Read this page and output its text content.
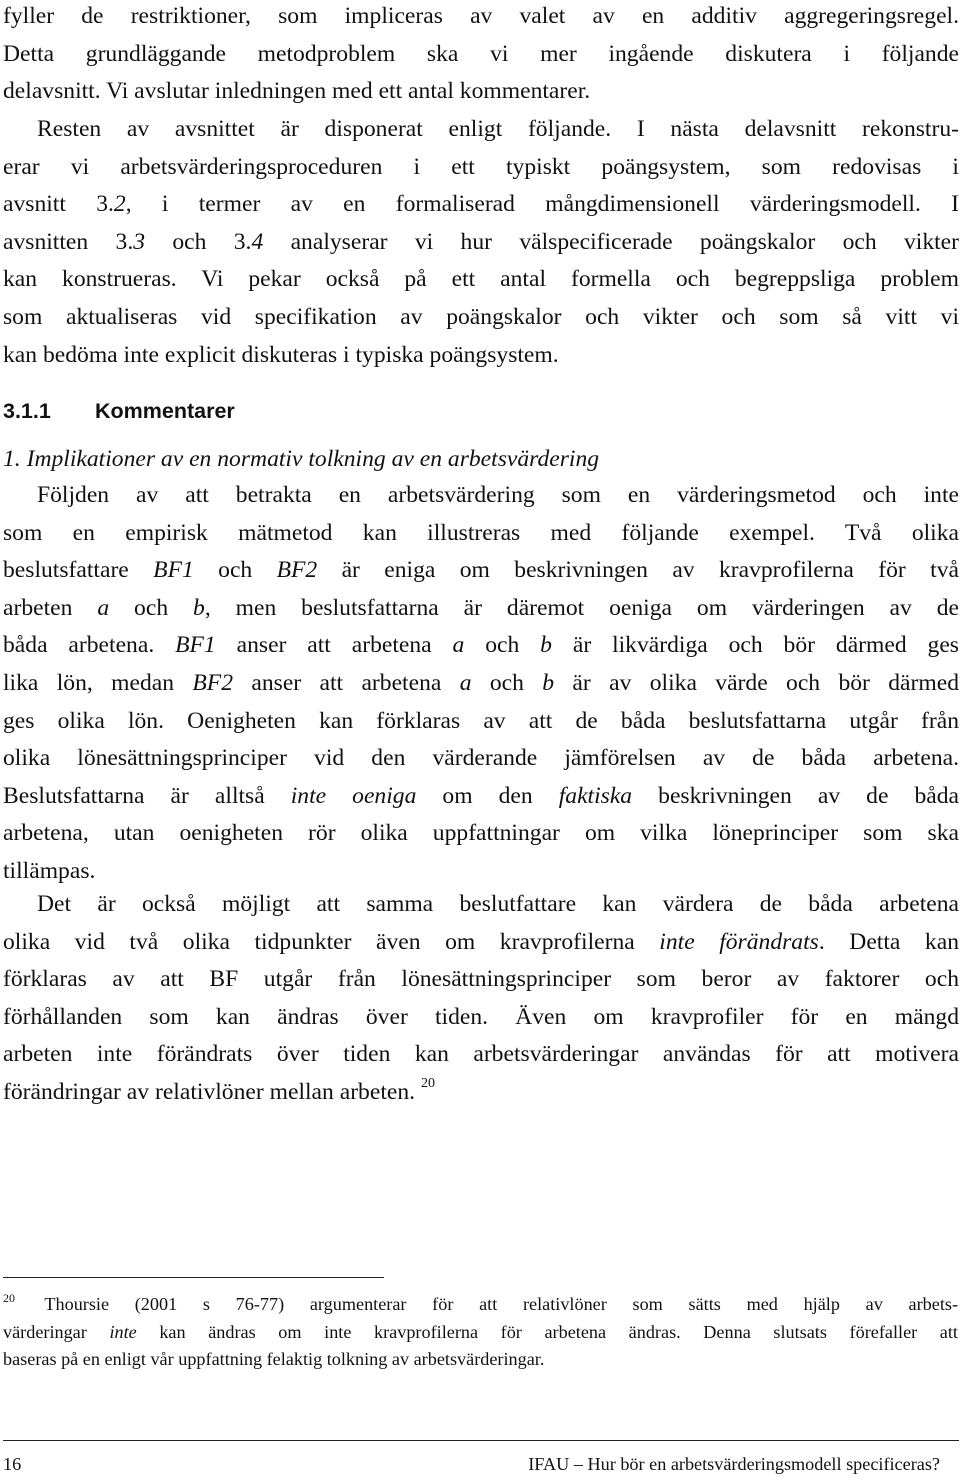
fyller de restriktioner, som impliceras av valet av en additiv aggregeringsregel.
Detta grundläggande metodproblem ska vi mer ingående diskutera i följande
delavsnitt. Vi avslutar inledningen med ett antal kommentarer.
Resten av avsnittet är disponerat enligt följande. I nästa delavsnitt rekonstru-
erar vi arbetsvärderingsproceduren i ett typiskt poängsystem, som redovisas i
avsnitt 3.2, i termer av en formaliserad mångdimensionell värderingsmodell. I
avsnitten 3.3 och 3.4 analyserar vi hur välspecificerade poängskalor och vikter
kan konstrueras. Vi pekar också på ett antal formella och begreppsliga problem
som aktualiseras vid specifikation av poängskalor och vikter och som så vitt vi
kan bedöma inte explicit diskuteras i typiska poängsystem.
3.1.1 Kommentarer
1. Implikationer av en normativ tolkning av en arbetsvärdering
Följden av att betrakta en arbetsvärdering som en värderingsmetod och inte
som en empirisk mätmetod kan illustreras med följande exempel. Två olika
beslutsfattare BF1 och BF2 är eniga om beskrivningen av kravprofilerna för två
arbeten a och b, men beslutsfattarna är däremot oeniga om värderingen av de
båda arbetena. BF1 anser att arbetena a och b är likvärdiga och bör därmed ges
lika lön, medan BF2 anser att arbetena a och b är av olika värde och bör därmed
ges olika lön. Oenigheten kan förklaras av att de båda beslutsfattarna utgår från
olika lönesättningsprinciper vid den värderande jämförelsen av de båda arbetena.
Beslutsfattarna är alltså inte oeniga om den faktiska beskrivningen av de båda
arbetena, utan oenigheten rör olika uppfattningar om vilka löneprinciper som ska
tillämpas.
Det är också möjligt att samma beslutfattare kan värdera de båda arbetena
olika vid två olika tidpunkter även om kravprofilerna inte förändrats. Detta kan
förklaras av att BF utgår från lönesättningsprinciper som beror av faktorer och
förhållanden som kan ändras över tiden. Även om kravprofiler för en mängd
arbeten inte förändrats över tiden kan arbetsvärderingar användas för att motivera
förändringar av relativlöner mellan arbeten. $^{20}$
$^{20}$ Thoursie (2001 s 76-77) argumenterar för att relativlöner som sätts med hjälp av arbets-
värderingar inte kan ändras om inte kravprofilerna för arbetena ändras. Denna slutsats förefaller att
baseras på en enligt vår uppfattning felaktig tolkning av arbetsvärderingar.
16	IFAU – Hur bör en arbetsvärderingsmodell specificeras?
